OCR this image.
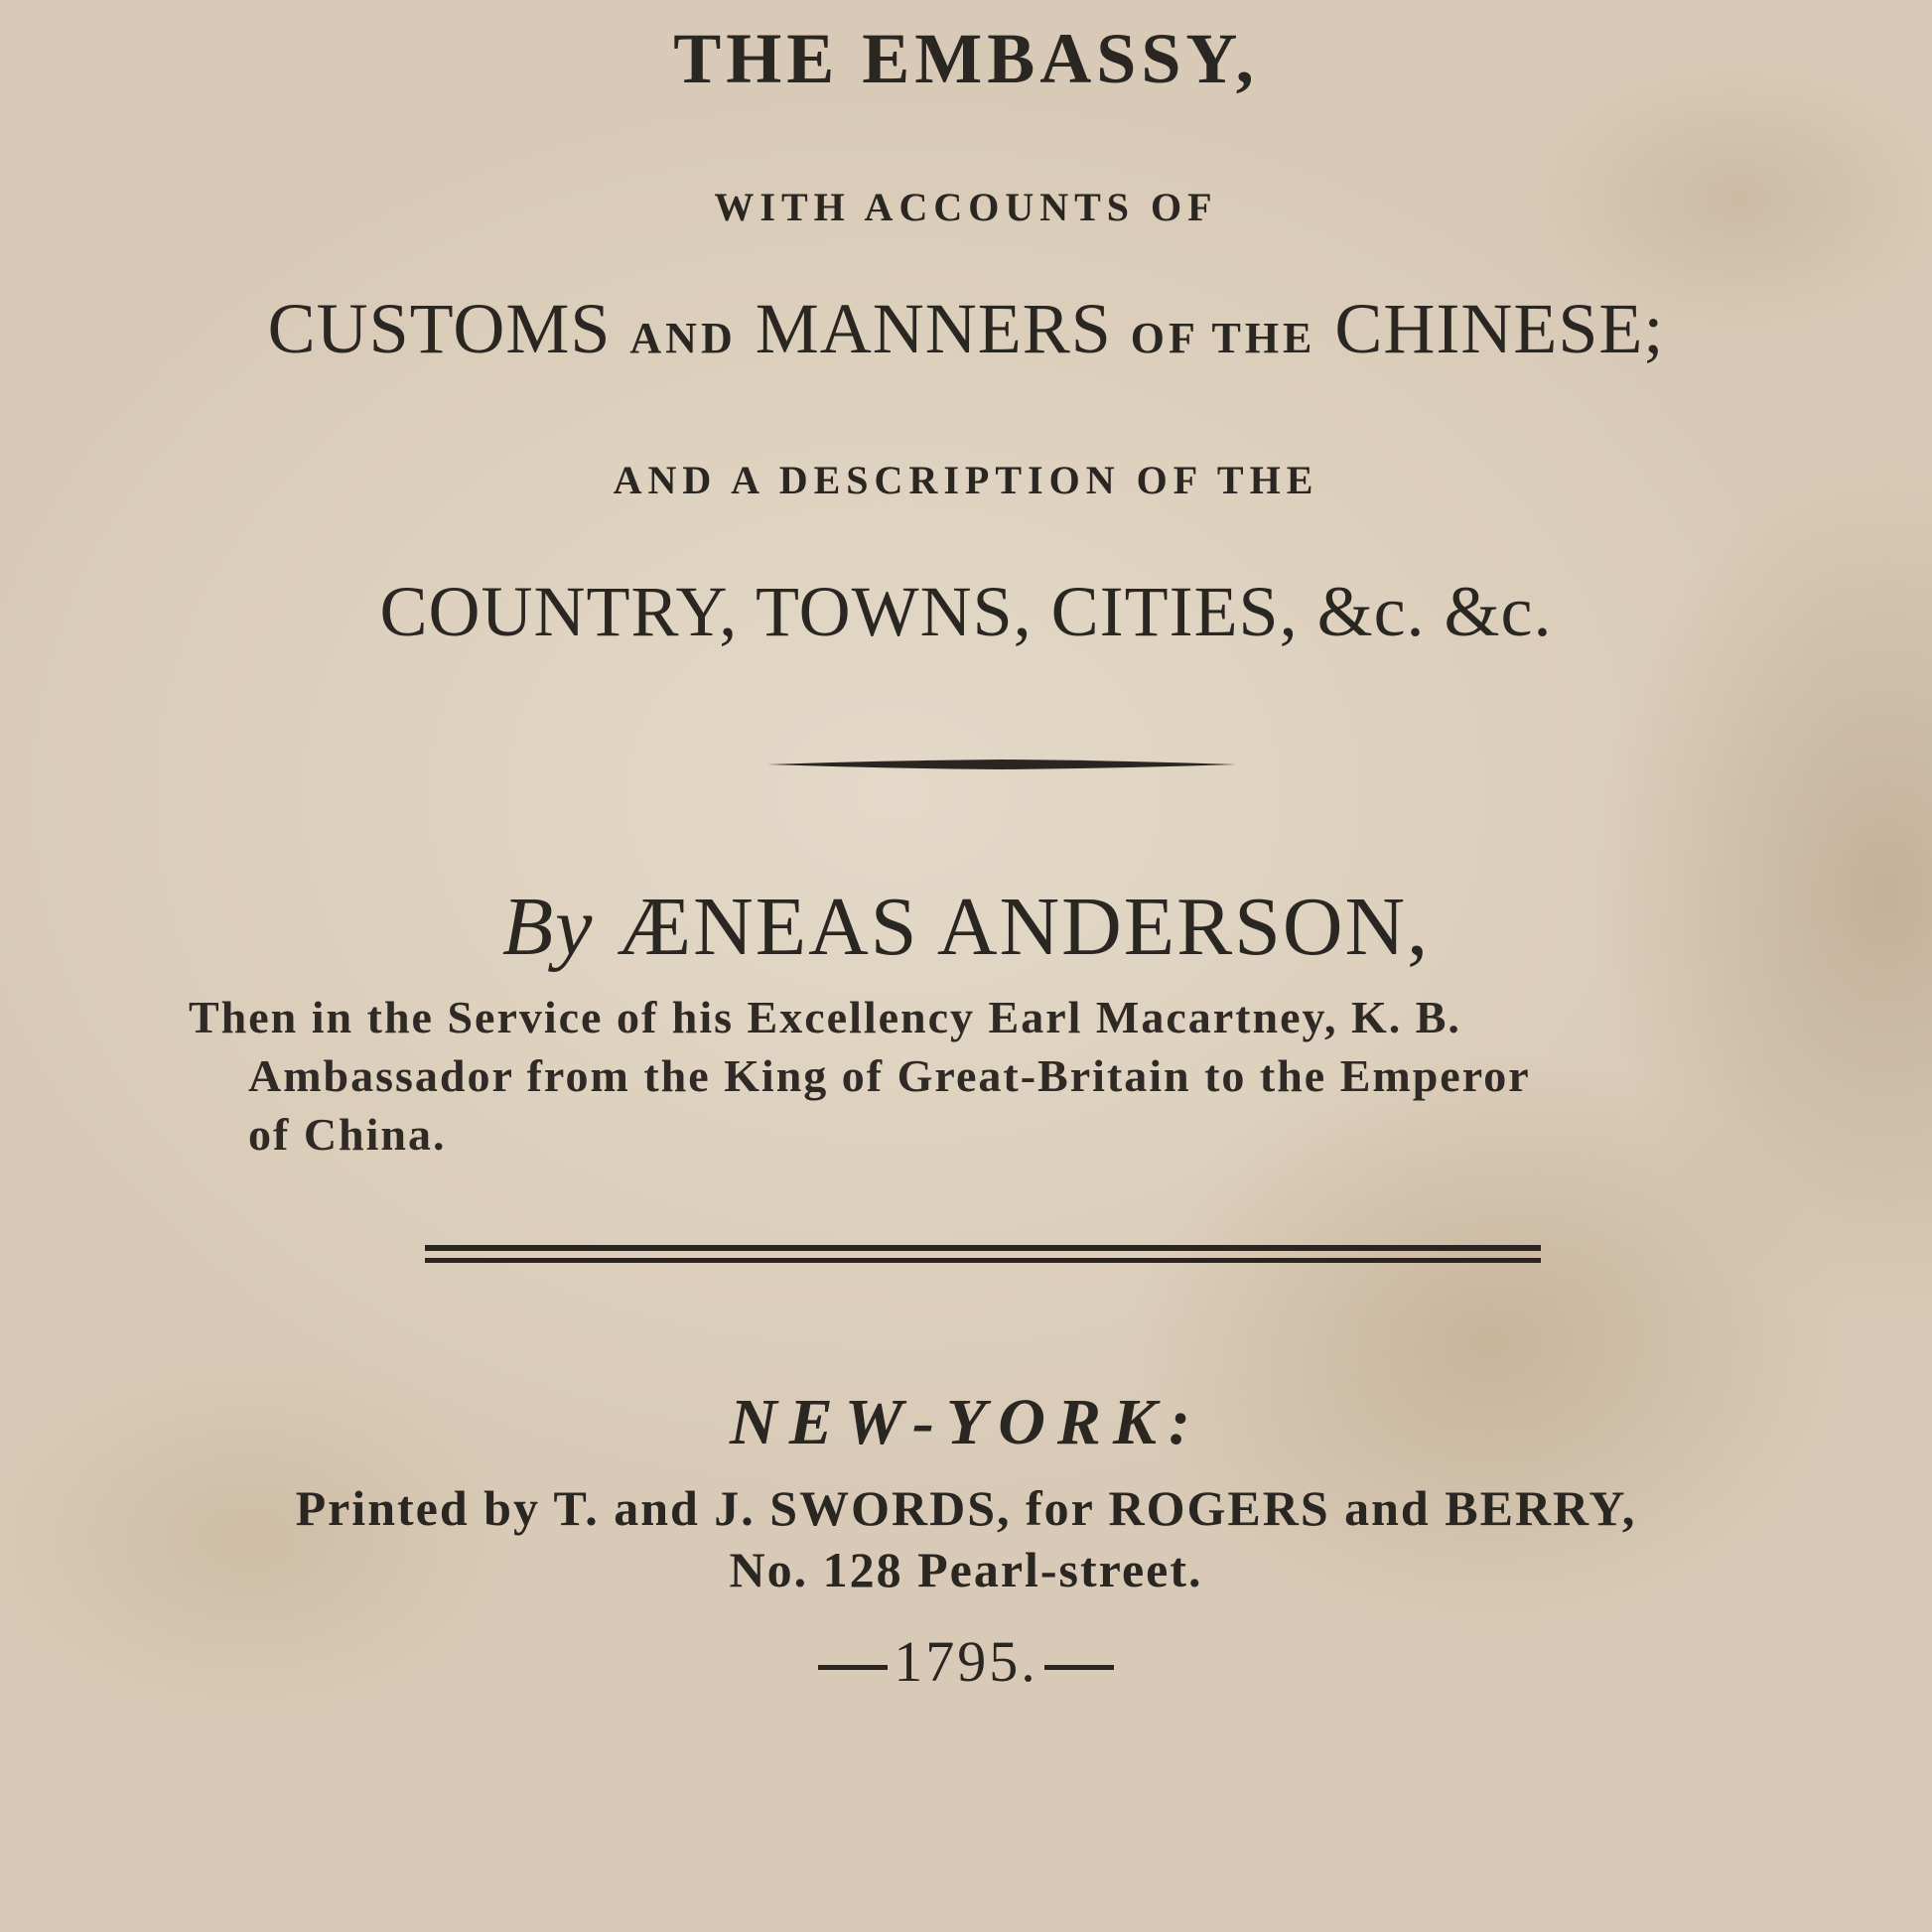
THE EMBASSY,

WITH ACCOUNTS OF

CUSTOMS AND MANNERS OF THE CHINESE;

AND A DESCRIPTION OF THE

COUNTRY, TOWNS, CITIES, &c. &c.

By ÆNEAS ANDERSON,

Then in the Service of his Excellency Earl Macartney, K. B.
Ambassador from the King of Great-Britain to the Emperor
of China.

NEW-YORK:

Printed by T. and J. SWORDS, for ROGERS and BERRY,

No. 128 Pearl-street.

1795.
